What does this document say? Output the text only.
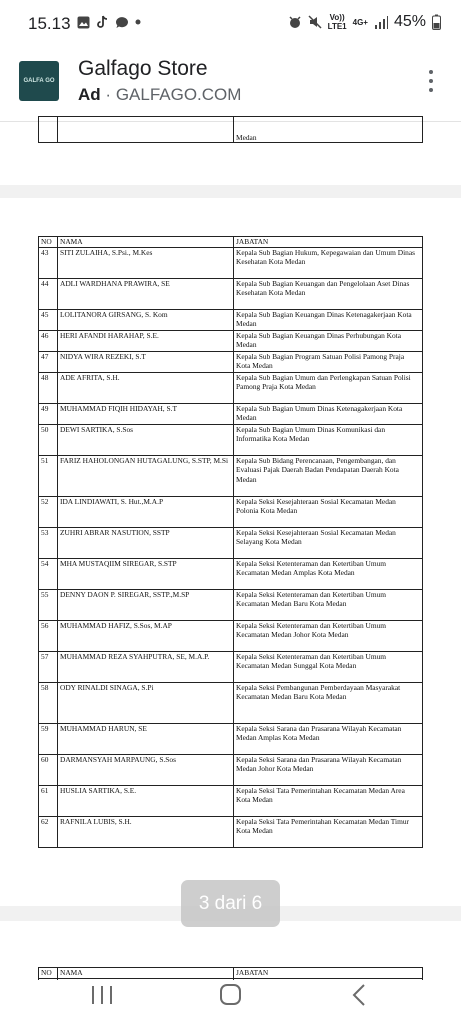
15.13	Vo))
LTE1 4G+ 45%
GALFA GO
Galfago Store
Ad · GALFAGO.COM
		Medan
NO	NAMA	JABATAN
43	SITI ZULAIHA, S.Psi., M.Kes	Kepala Sub Bagian Hukum, Kepegawaian dan Umum Dinas Kesehatan Kota Medan
44	ADLI WARDHANA PRAWIRA, SE	Kepala Sub Bagian Keuangan dan Pengelolaan Aset Dinas Kesehatan Kota Medan
45	LOLITANORA GIRSANG, S. Kom	Kepala Sub Bagian Keuangan Dinas Ketenagakerjaan Kota Medan
46	HERI AFANDI HARAHAP, S.E.	Kepala Sub Bagian Keuangan Dinas Perhubungan Kota Medan
47	NIDYA WIRA REZEKI, S.T	Kepala Sub Bagian Program Satuan Polisi Pamong Praja Kota Medan
48	ADE AFRITA, S.H.	Kepala Sub Bagian Umum dan Perlengkapan Satuan Polisi Pamong Praja Kota Medan
49	MUHAMMAD FIQIH HIDAYAH, S.T	Kepala Sub Bagian Umum Dinas Ketenagakerjaan Kota Medan
50	DEWI SARTIKA, S.Sos	Kepala Sub Bagian Umum Dinas Komunikasi dan Informatika Kota Medan
51	FARIZ HAHOLONGAN HUTAGALUNG, S.STP, M.Si	Kepala Sub Bidang Perencanaan, Pengembangan, dan Evaluasi Pajak Daerah Badan Pendapatan Daerah Kota Medan
52	IDA LINDIAWATI, S. Hut.,M.A.P	Kepala Seksi Kesejahteraan Sosial Kecamatan Medan Polonia Kota Medan
53	ZUHRI ABRAR NASUTION, SSTP	Kepala Seksi Kesejahteraan Sosial Kecamatan Medan Selayang Kota Medan
54	MHA MUSTAQIIM SIREGAR, S.STP	Kepala Seksi Ketenteraman dan Ketertiban Umum Kecamatan Medan Amplas Kota Medan
55	DENNY DAON P. SIREGAR, SSTP.,M.SP	Kepala Seksi Ketenteraman dan Ketertiban Umum Kecamatan Medan Baru Kota Medan
56	MUHAMMAD HAFIZ, S.Sos, M.AP	Kepala Seksi Ketenteraman dan Ketertiban Umum Kecamatan Medan Johor Kota Medan
57	MUHAMMAD REZA SYAHPUTRA, SE, M.A.P.	Kepala Seksi Ketenteraman dan Ketertiban Umum Kecamatan Medan Sunggal Kota Medan
58	ODY RINALDI SINAGA, S.Pi	Kepala Seksi Pembangunan Pemberdayaan Masyarakat Kecamatan Medan Baru Kota Medan
59	MUHAMMAD HARUN, SE	Kepala Seksi Sarana dan Prasarana Wilayah Kecamatan Medan Amplas Kota Medan
60	DARMANSYAH MARPAUNG, S.Sos	Kepala Seksi Sarana dan Prasarana Wilayah Kecamatan Medan Johor Kota Medan
61	HUSLIA SARTIKA, S.E.	Kepala Seksi Tata Pemerintahan Kecamatan Medan Area Kota Medan
62	RAFNILA LUBIS, S.H.	Kepala Seksi Tata Pemerintahan Kecamatan Medan Timur Kota Medan
NO	NAMA	JABATAN

3 dari 6
